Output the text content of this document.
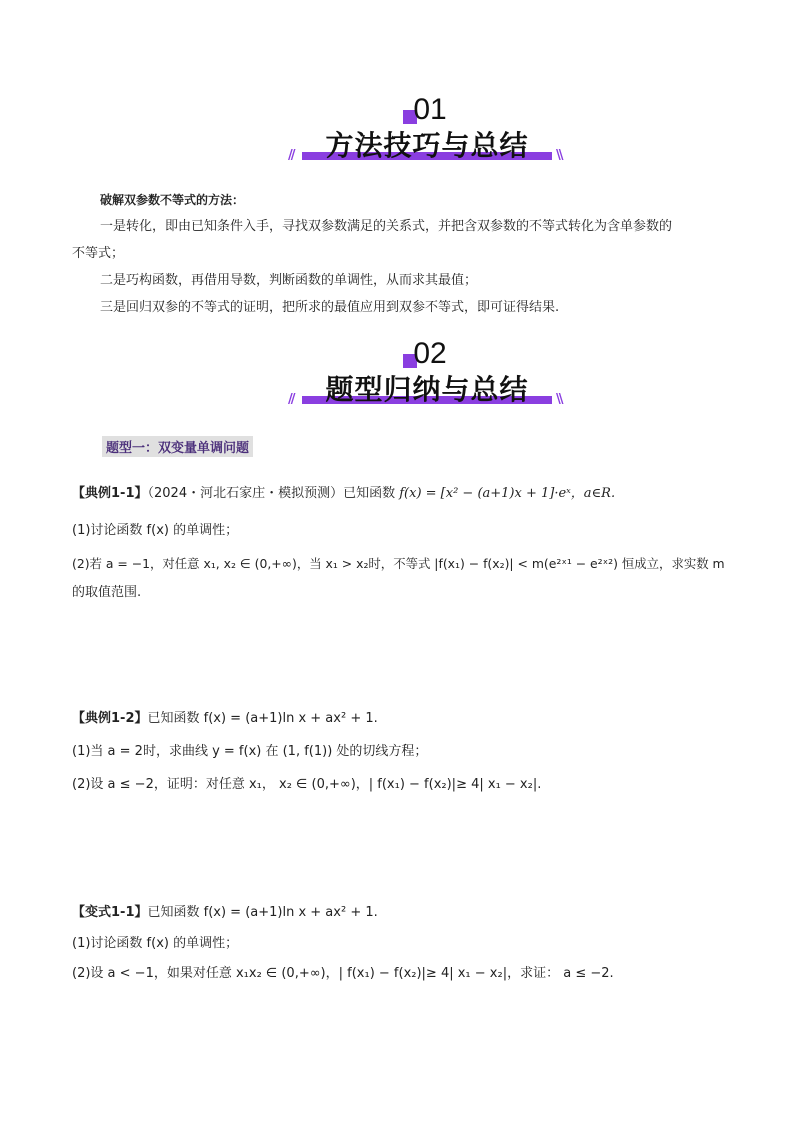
01
方法技巧与总结
//	\\
破解双参数不等式的方法：
一是转化，即由已知条件入手，寻找双参数满足的关系式，并把含双参数的不等式转化为含单参数的
不等式；
二是巧构函数，再借用导数，判断函数的单调性，从而求其最值；
三是回归双参的不等式的证明，把所求的最值应用到双参不等式，即可证得结果.
02
题型归纳与总结
//	\\
题型一：双变量单调问题
【典例1-1】（2024・河北石家庄・模拟预测）已知函数 f(x) = [x² − (a+1)x + 1]·eˣ，a∈R.
(1)讨论函数 f(x) 的单调性；
(2)若 a = −1，对任意 x₁, x₂ ∈ (0,+∞)，当 x₁ > x₂时，不等式 |f(x₁) − f(x₂)| < m(e²ˣ¹ − e²ˣ²) 恒成立，求实数 m
的取值范围.
【典例1-2】已知函数 f(x) = (a+1)ln x + ax² + 1.
(1)当 a = 2时，求曲线 y = f(x) 在 (1, f(1)) 处的切线方程；
(2)设 a ≤ −2，证明：对任意 x₁， x₂ ∈ (0,+∞)，| f(x₁) − f(x₂)|≥ 4| x₁ − x₂|.
【变式1-1】已知函数 f(x) = (a+1)ln x + ax² + 1.
(1)讨论函数 f(x) 的单调性；
(2)设 a < −1，如果对任意 x₁x₂ ∈ (0,+∞)，| f(x₁) − f(x₂)|≥ 4| x₁ − x₂|，求证： a ≤ −2.
